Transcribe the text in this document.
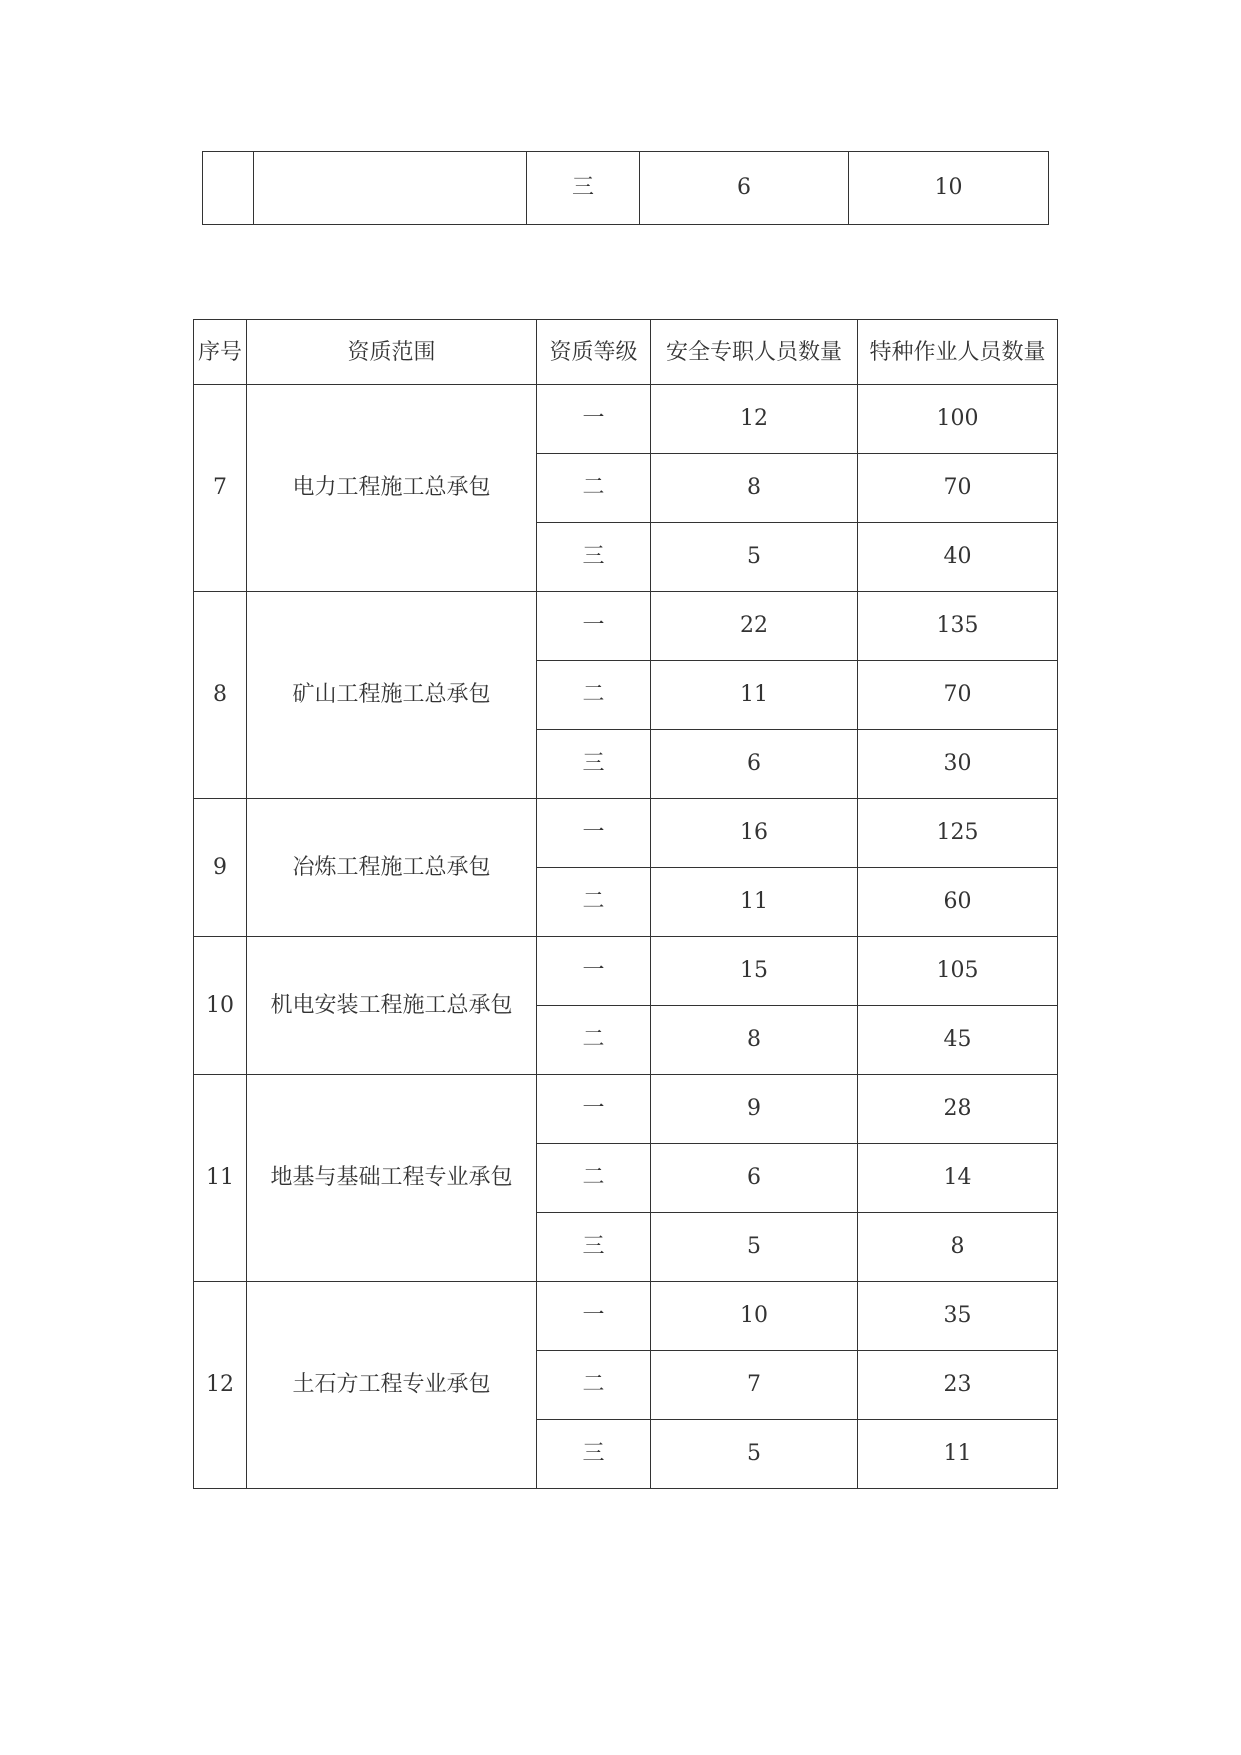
		三	6	10
序号	资质范围	资质等级	安全专职人员数量	特种作业人员数量
7	电力工程施工总承包	一	12	100
		二	8	70
		三	5	40
8	矿山工程施工总承包	一	22	135
		二	11	70
		三	6	30
9	冶炼工程施工总承包	一	16	125
		二	11	60
10	机电安装工程施工总承包	一	15	105
		二	8	45
11	地基与基础工程专业承包	一	9	28
		二	6	14
		三	5	8
12	土石方工程专业承包	一	10	35
		二	7	23
		三	5	11
